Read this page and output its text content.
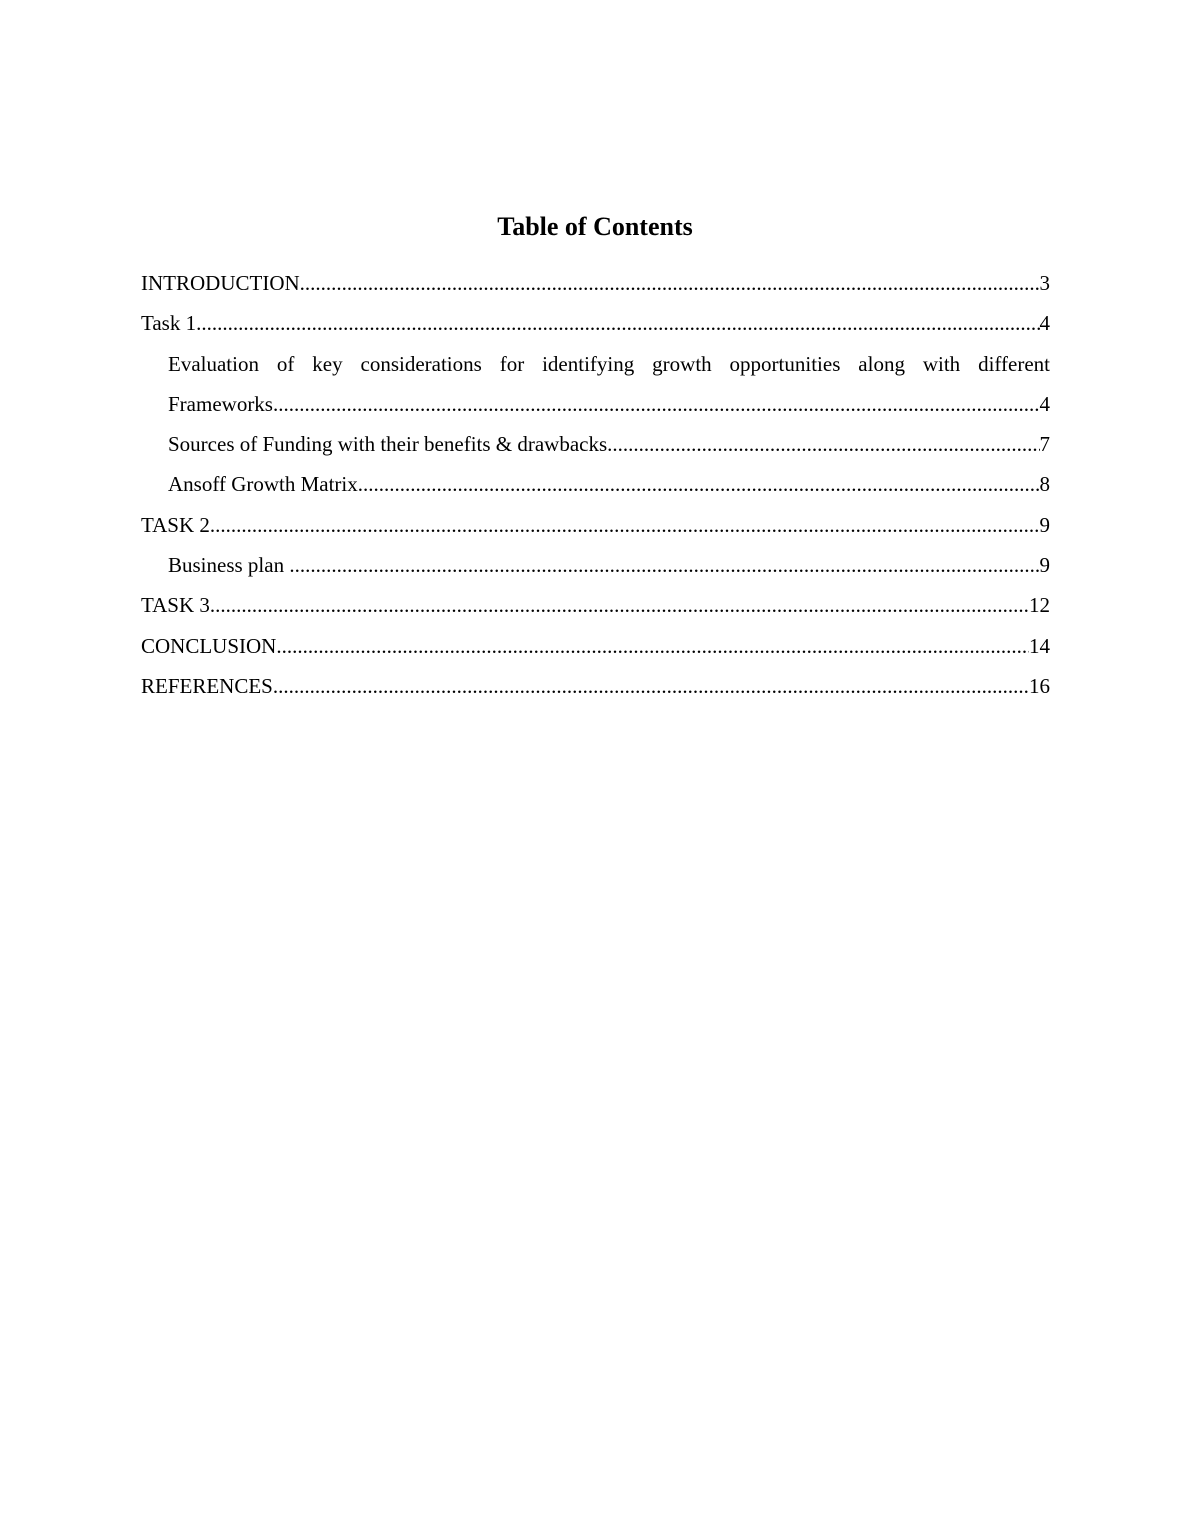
Table of Contents
INTRODUCTION .....	3
Task 1 .....	4
Evaluation of key considerations for identifying growth opportunities along with different
Frameworks .....	4
Sources of Funding with their benefits & drawbacks .....	7
Ansoff Growth Matrix .....	8
TASK 2 .....	9
Business plan .....	9
TASK 3 .....	12
CONCLUSION .....	14
REFERENCES .....	16
